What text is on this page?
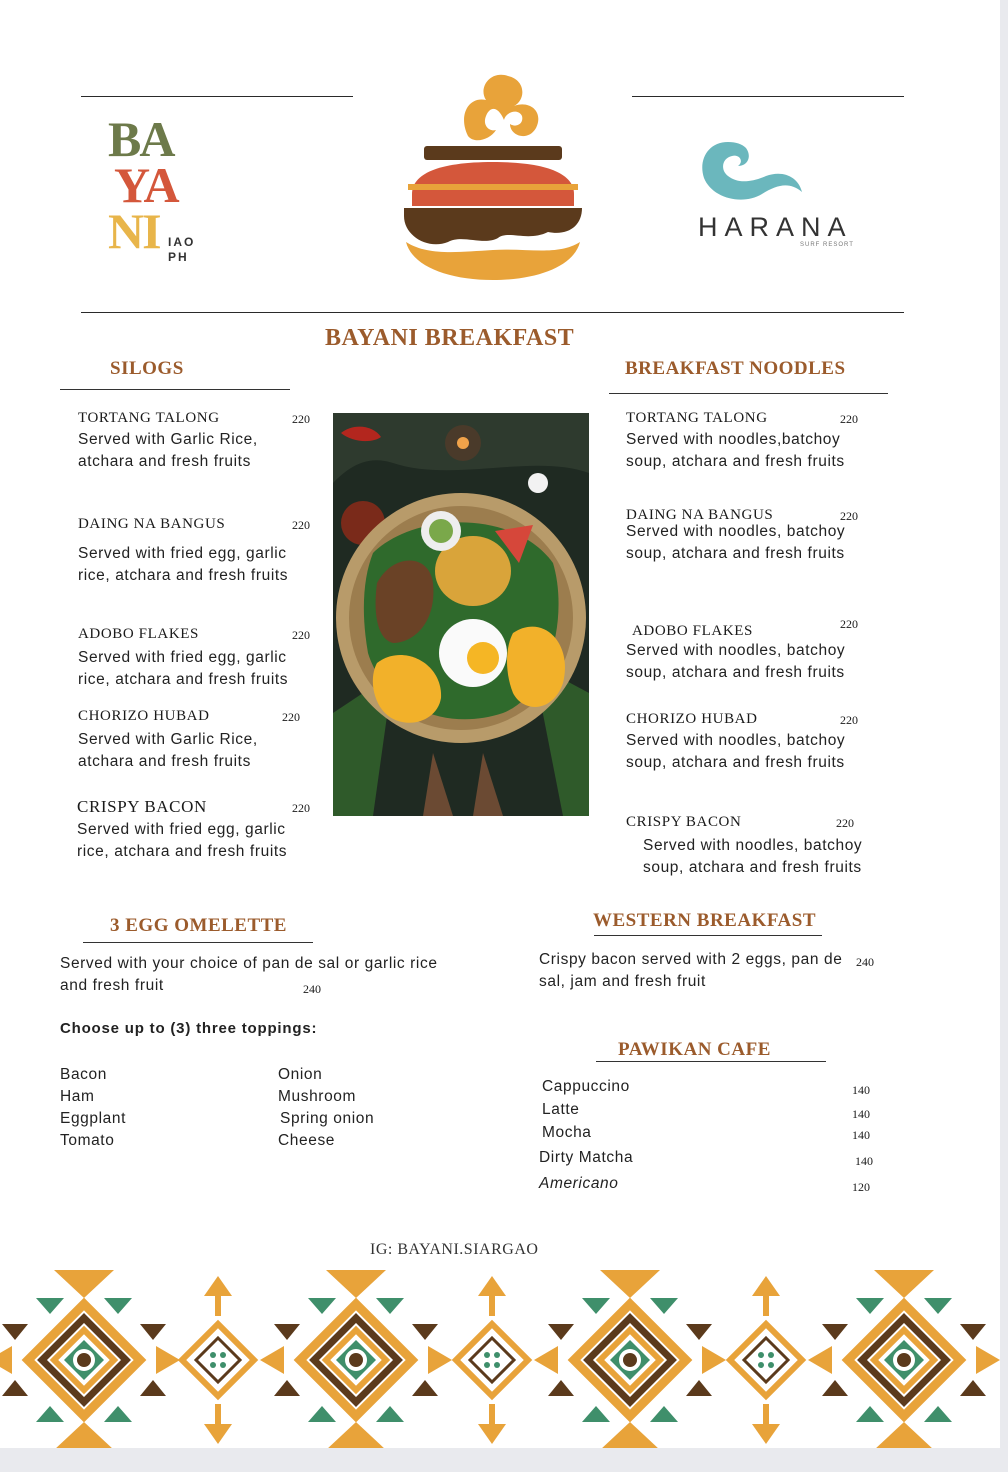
BA
YA
NI IAO
PH
HARANA
SURF RESORT
BAYANI BREAKFAST
SILOGS
TORTANG TALONG	220
Served with Garlic Rice, atchara and fresh fruits
DAING NA BANGUS	220
Served with fried egg, garlic rice, atchara and fresh fruits
ADOBO FLAKES	220
Served with fried egg, garlic rice, atchara and fresh fruits
CHORIZO HUBAD	220
Served with Garlic Rice, atchara and fresh fruits
CRISPY BACON	220
Served with fried egg, garlic rice, atchara and fresh fruits
BREAKFAST NOODLES
TORTANG TALONG	220
Served with noodles,batchoy soup, atchara and fresh fruits
DAING NA BANGUS	220
Served with noodles, batchoy soup, atchara and fresh fruits
ADOBO FLAKES	220
Served with noodles, batchoy soup, atchara and fresh fruits
CHORIZO HUBAD	220
Served with noodles, batchoy soup, atchara and fresh fruits
CRISPY BACON	220
Served with noodles, batchoy soup, atchara and fresh fruits
3 EGG OMELETTE
Served with your choice of pan de sal or garlic rice and fresh fruit	240
Choose up to (3) three toppings:
Bacon
Ham
Eggplant
Tomato
Onion
Mushroom
Spring onion
Cheese
WESTERN BREAKFAST
Crispy bacon served with 2 eggs, pan de sal, jam and fresh fruit
240
PAWIKAN CAFE
Cappuccino	140
Latte	140
Mocha	140
Dirty Matcha	140
Americano	120
IG: BAYANI.SIARGAO
